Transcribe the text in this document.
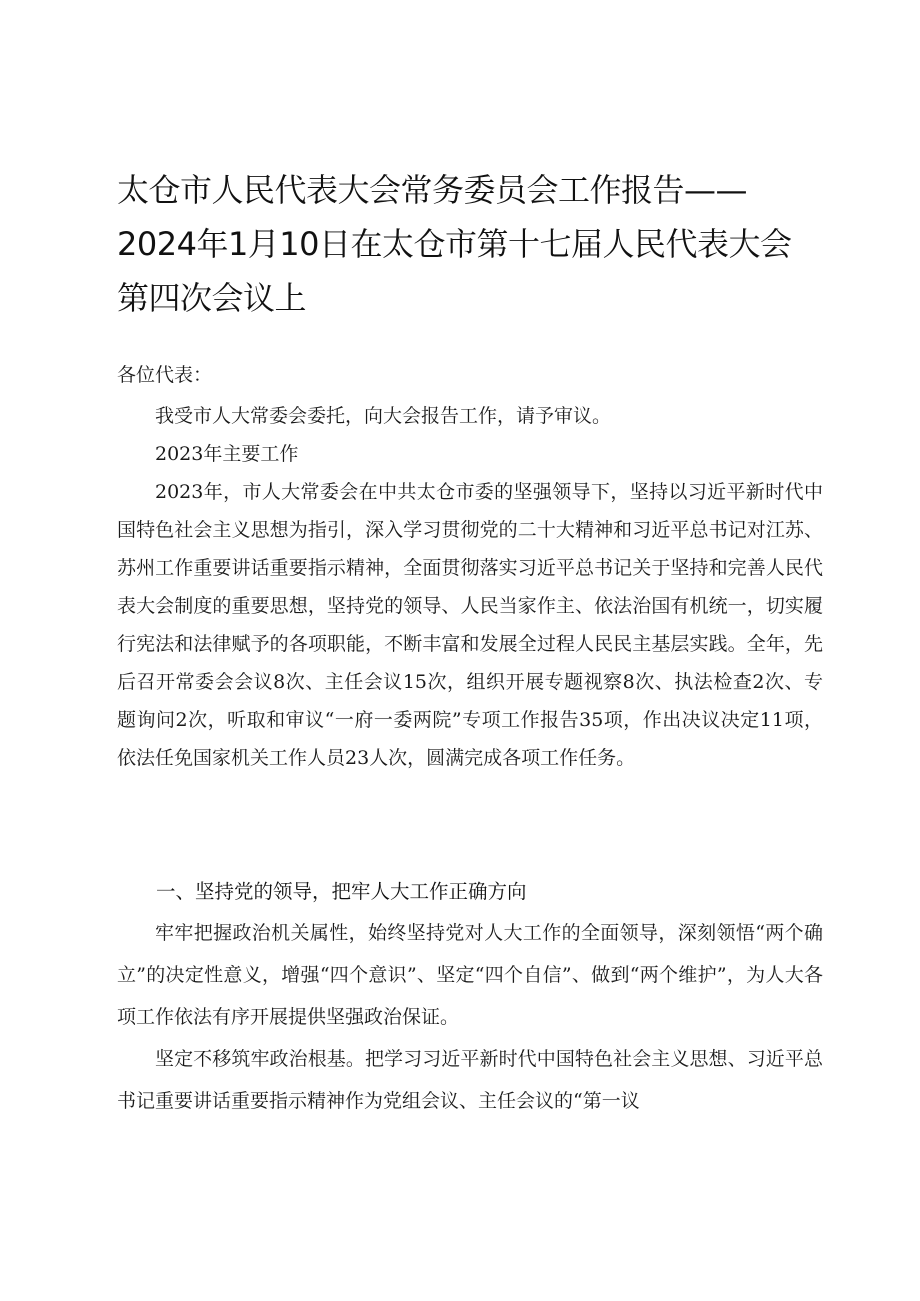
太仓市人民代表大会常务委员会工作报告——2024年1月10日在太仓市第十七届人民代表大会第四次会议上
各位代表：

我受市人大常委会委托，向大会报告工作，请予审议。

2023年主要工作

2023年，市人大常委会在中共太仓市委的坚强领导下，坚持以习近平新时代中国特色社会主义思想为指引，深入学习贯彻党的二十大精神和习近平总书记对江苏、苏州工作重要讲话重要指示精神，全面贯彻落实习近平总书记关于坚持和完善人民代表大会制度的重要思想，坚持党的领导、人民当家作主、依法治国有机统一，切实履行宪法和法律赋予的各项职能，不断丰富和发展全过程人民民主基层实践。全年，先后召开常委会会议8次、主任会议15次，组织开展专题视察8次、执法检查2次、专题询问2次，听取和审议“一府一委两院”专项工作报告35项，作出决议决定11项，依法任免国家机关工作人员23人次，圆满完成各项工作任务。

一、坚持党的领导，把牢人大工作正确方向

牢牢把握政治机关属性，始终坚持党对人大工作的全面领导，深刻领悟“两个确立”的决定性意义，增强“四个意识”、坚定“四个自信”、做到“两个维护”，为人大各项工作依法有序开展提供坚强政治保证。

坚定不移筑牢政治根基。把学习习近平新时代中国特色社会主义思想、习近平总书记重要讲话重要指示精神作为党组会议、主任会议的“第一议
